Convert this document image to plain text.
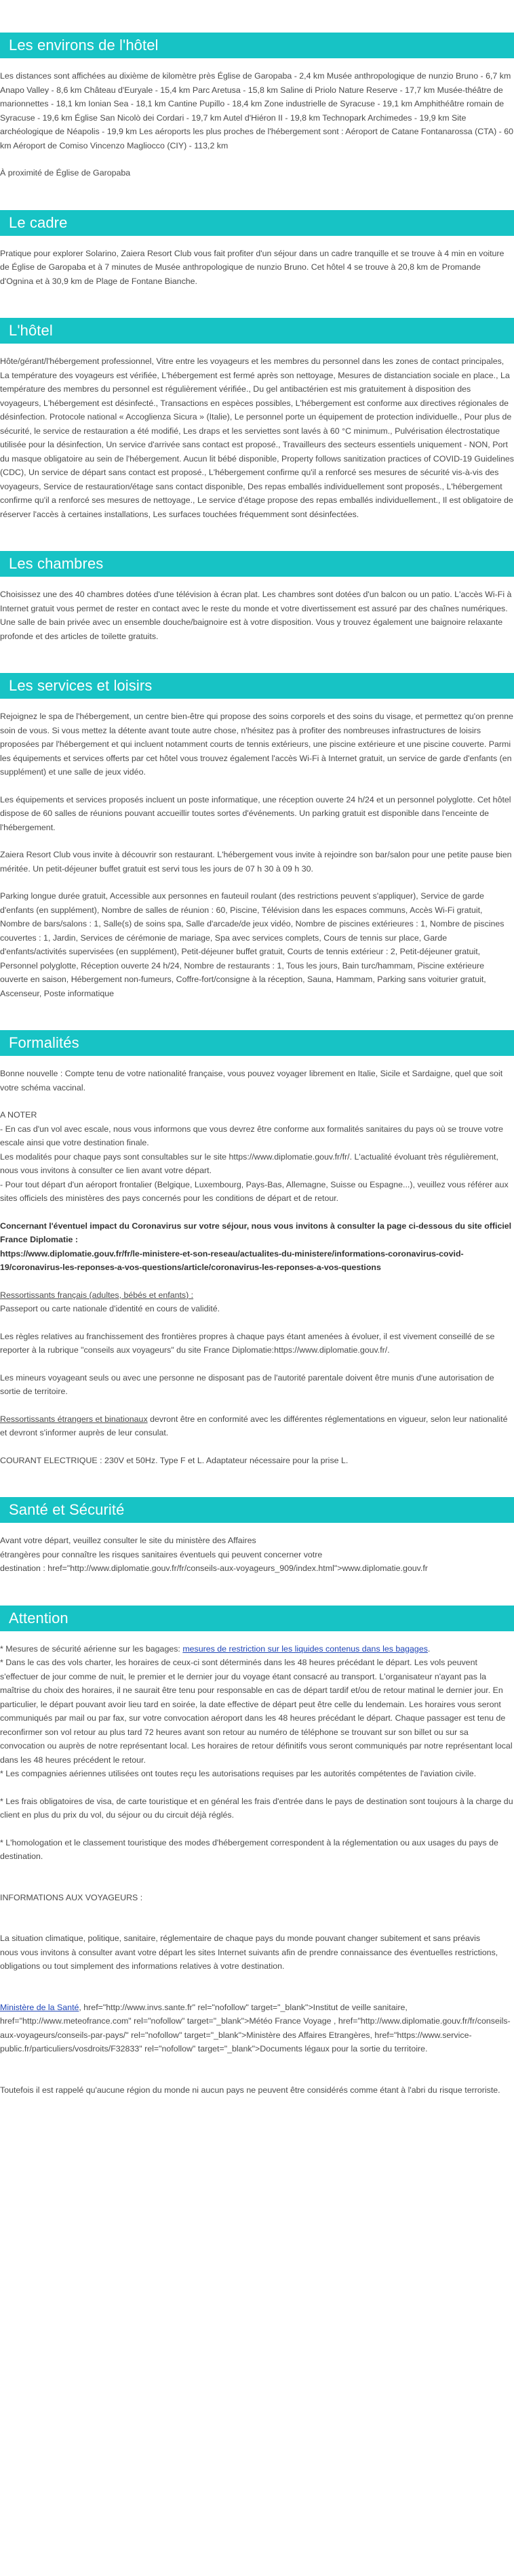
Les environs de l'hôtel

Les distances sont affichées au dixième de kilomètre près Église de Garopaba - 2,4 km Musée anthropologique de nunzio Bruno - 6,7 km Anapo Valley - 8,6 km Château d'Euryale - 15,4 km Parc Aretusa - 15,8 km Saline di Priolo Nature Reserve - 17,7 km Musée-théâtre de marionnettes - 18,1 km Ionian Sea - 18,1 km Cantine Pupillo - 18,4 km Zone industrielle de Syracuse - 19,1 km Amphithéâtre romain de Syracuse - 19,6 km Église San Nicolò dei Cordari - 19,7 km Autel d'Hiéron II - 19,8 km Technopark Archimedes - 19,9 km Site archéologique de Néapolis - 19,9 km Les aéroports les plus proches de l'hébergement sont : Aéroport de Catane Fontanarossa (CTA) - 60 km Aéroport de Comiso Vincenzo Magliocco (CIY) - 113,2 km

À proximité de Église de Garopaba

Le cadre

Pratique pour explorer Solarino, Zaiera Resort Club vous fait profiter d'un séjour dans un cadre tranquille et se trouve à 4 min en voiture de Église de Garopaba et à 7 minutes de Musée anthropologique de nunzio Bruno. Cet hôtel 4 se trouve à 20,8 km de Promande d'Ognina et à 30,9 km de Plage de Fontane Bianche.

L'hôtel

Hôte/gérant/l'hébergement professionnel, Vitre entre les voyageurs et les membres du personnel dans les zones de contact principales, La température des voyageurs est vérifiée, L'hébergement est fermé après son nettoyage, Mesures de distanciation sociale en place., La température des membres du personnel est régulièrement vérifiée., Du gel antibactérien est mis gratuitement à disposition des voyageurs, L'hébergement est désinfecté., Transactions en espèces possibles, L'hébergement est conforme aux directives régionales de désinfection. Protocole national « Accoglienza Sicura » (Italie), Le personnel porte un équipement de protection individuelle., Pour plus de sécurité, le service de restauration a été modifié, Les draps et les serviettes sont lavés à 60 °C minimum., Pulvérisation électrostatique utilisée pour la désinfection, Un service d'arrivée sans contact est proposé., Travailleurs des secteurs essentiels uniquement - NON, Port du masque obligatoire au sein de l'hébergement. Aucun lit bébé disponible, Property follows sanitization practices of COVID-19 Guidelines (CDC), Un service de départ sans contact est proposé., L'hébergement confirme qu'il a renforcé ses mesures de sécurité vis-à-vis des voyageurs, Service de restauration/étage sans contact disponible, Des repas emballés individuellement sont proposés., L'hébergement confirme qu'il a renforcé ses mesures de nettoyage., Le service d'étage propose des repas emballés individuellement., Il est obligatoire de réserver l'accès à certaines installations, Les surfaces touchées fréquemment sont désinfectées.

Les chambres

Choisissez une des 40 chambres dotées d'une télévision à écran plat. Les chambres sont dotées d'un balcon ou un patio. L'accès Wi-Fi à Internet gratuit vous permet de rester en contact avec le reste du monde et votre divertissement est assuré par des chaînes numériques. Une salle de bain privée avec un ensemble douche/baignoire est à votre disposition. Vous y trouvez également une baignoire relaxante profonde et des articles de toilette gratuits.

Les services et loisirs

Rejoignez le spa de l'hébergement, un centre bien-être qui propose des soins corporels et des soins du visage, et permettez qu'on prenne soin de vous. Si vous mettez la détente avant toute autre chose, n'hésitez pas à profiter des nombreuses infrastructures de loisirs proposées par l'hébergement et qui incluent notamment courts de tennis extérieurs, une piscine extérieure et une piscine couverte. Parmi les équipements et services offerts par cet hôtel vous trouvez également l'accès Wi-Fi à Internet gratuit, un service de garde d'enfants (en supplément) et une salle de jeux vidéo.

Les équipements et services proposés incluent un poste informatique, une réception ouverte 24 h/24 et un personnel polyglotte. Cet hôtel dispose de 60 salles de réunions pouvant accueillir toutes sortes d'événements. Un parking gratuit est disponible dans l'enceinte de l'hébergement.

Zaiera Resort Club vous invite à découvrir son restaurant. L'hébergement vous invite à rejoindre son bar/salon pour une petite pause bien méritée. Un petit-déjeuner buffet gratuit est servi tous les jours de 07 h 30 à 09 h 30.

Parking longue durée gratuit, Accessible aux personnes en fauteuil roulant (des restrictions peuvent s'appliquer), Service de garde d'enfants (en supplément), Nombre de salles de réunion : 60, Piscine, Télévision dans les espaces communs, Accès Wi-Fi gratuit, Nombre de bars/salons : 1, Salle(s) de soins spa, Salle d'arcade/de jeux vidéo, Nombre de piscines extérieures : 1, Nombre de piscines couvertes : 1, Jardin, Services de cérémonie de mariage, Spa avec services complets, Cours de tennis sur place, Garde d'enfants/activités supervisées (en supplément), Petit-déjeuner buffet gratuit, Courts de tennis extérieur : 2, Petit-déjeuner gratuit, Personnel polyglotte, Réception ouverte 24 h/24, Nombre de restaurants : 1, Tous les jours, Bain turc/hammam, Piscine extérieure ouverte en saison, Hébergement non-fumeurs, Coffre-fort/consigne à la réception, Sauna, Hammam, Parking sans voiturier gratuit, Ascenseur, Poste informatique

Formalités

Bonne nouvelle : Compte tenu de votre nationalité française, vous pouvez voyager librement en Italie, Sicile et Sardaigne, quel que soit votre schéma vaccinal.

A NOTER

- En cas d'un vol avec escale, nous vous informons que vous devrez être conforme aux formalités sanitaires du pays où se trouve votre escale ainsi que votre destination finale.

Les modalités pour chaque pays sont consultables sur le site https://www.diplomatie.gouv.fr/fr/. L'actualité évoluant très régulièrement, nous vous invitons à consulter ce lien avant votre départ.

- Pour tout départ d'un aéroport frontalier (Belgique, Luxembourg, Pays-Bas, Allemagne, Suisse ou Espagne...), veuillez vous référer aux sites officiels des ministères des pays concernés pour les conditions de départ et de retour.

Concernant l'éventuel impact du Coronavirus sur votre séjour, nous vous invitons à consulter la page ci-dessous du site officiel France Diplomatie :

https://www.diplomatie.gouv.fr/fr/le-ministere-et-son-reseau/actualites-du-ministere/informations-coronavirus-covid-19/coronavirus-les-reponses-a-vos-questions/article/coronavirus-les-reponses-a-vos-questions

Ressortissants français (adultes, bébés et enfants) :

Passeport ou carte nationale d'identité en cours de validité.

Les règles relatives au franchissement des frontières propres à chaque pays étant amenées à évoluer, il est vivement conseillé de se reporter à la rubrique "conseils aux voyageurs" du site France Diplomatie:https://www.diplomatie.gouv.fr/.

Les mineurs voyageant seuls ou avec une personne ne disposant pas de l'autorité parentale doivent être munis d'une autorisation de sortie de territoire.

Ressortissants étrangers et binationaux devront être en conformité avec les différentes réglementations en vigueur, selon leur nationalité et devront s'informer auprès de leur consulat.

COURANT ELECTRIQUE : 230V et 50Hz. Type F et L. Adaptateur nécessaire pour la prise L.

Santé et Sécurité

Avant votre départ, veuillez consulter le site du ministère des Affaires

étrangères pour connaître les risques sanitaires éventuels qui peuvent concerner votre

destination : href="http://www.diplomatie.gouv.fr/fr/conseils-aux-voyageurs_909/index.html">www.diplomatie.gouv.fr

Attention

* Mesures de sécurité aérienne sur les bagages: mesures de restriction sur les liquides contenus dans les bagages.

* Dans le cas des vols charter, les horaires de ceux-ci sont déterminés dans les 48 heures précédant le départ. Les vols peuvent s'effectuer de jour comme de nuit, le premier et le dernier jour du voyage étant consacré au transport. L'organisateur n'ayant pas la maîtrise du choix des horaires, il ne saurait être tenu pour responsable en cas de départ tardif et/ou de retour matinal le dernier jour. En particulier, le départ pouvant avoir lieu tard en soirée, la date effective de départ peut être celle du lendemain. Les horaires vous seront communiqués par mail ou par fax, sur votre convocation aéroport dans les 48 heures précédant le départ. Chaque passager est tenu de reconfirmer son vol retour au plus tard 72 heures avant son retour au numéro de téléphone se trouvant sur son billet ou sur sa convocation ou auprès de notre représentant local. Les horaires de retour définitifs vous seront communiqués par notre représentant local dans les 48 heures précédent le retour.

* Les compagnies aériennes utilisées ont toutes reçu les autorisations requises par les autorités compétentes de l'aviation civile.

* Les frais obligatoires de visa, de carte touristique et en général les frais d'entrée dans le pays de destination sont toujours à la charge du client en plus du prix du vol, du séjour ou du circuit déjà réglés.

* L'homologation et le classement touristique des modes d'hébergement correspondent à la réglementation ou aux usages du pays de destination.

INFORMATIONS AUX VOYAGEURS :

La situation climatique, politique, sanitaire, réglementaire de chaque pays du monde pouvant changer subitement et sans préavis

nous vous invitons à consulter avant votre départ les sites Internet suivants afin de prendre connaissance des éventuelles restrictions, obligations ou tout simplement des informations relatives à votre destination.

Ministère de la Santé, href="http://www.invs.sante.fr" rel="nofollow" target="_blank">Institut de veille sanitaire, href="http://www.meteofrance.com" rel="nofollow" target="_blank">Météo France Voyage , href="http://www.diplomatie.gouv.fr/fr/conseils-aux-voyageurs/conseils-par-pays/" rel="nofollow" target="_blank">Ministère des Affaires Etrangères, href="https://www.service-public.fr/particuliers/vosdroits/F32833" rel="nofollow" target="_blank">Documents légaux pour la sortie du territoire.

Toutefois il est rappelé qu'aucune région du monde ni aucun pays ne peuvent être considérés comme étant à l'abri du risque terroriste.
